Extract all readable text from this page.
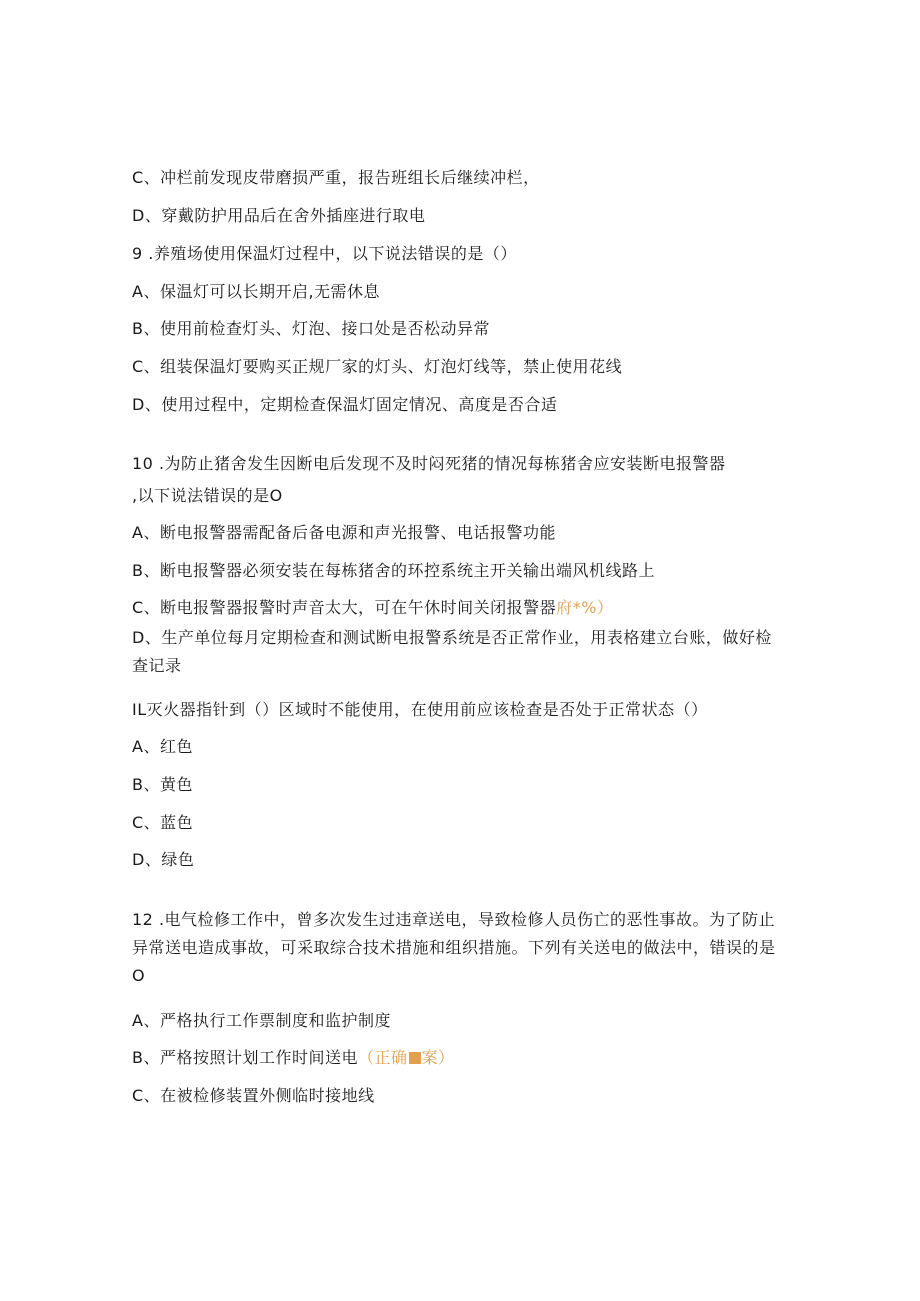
C、冲栏前发现皮带磨损严重，报告班组长后继续冲栏，
D、穿戴防护用品后在舍外插座进行取电
9 .养殖场使用保温灯过程中，以下说法错误的是（）
A、保温灯可以长期开启,无需休息
B、使用前检查灯头、灯泡、接口处是否松动异常
C、组装保温灯要购买正规厂家的灯头、灯泡灯线等，禁止使用花线
D、使用过程中，定期检查保温灯固定情况、高度是否合适
10 .为防止猪舍发生因断电后发现不及时闷死猪的情况每栋猪舍应安装断电报警器
,以下说法错误的是O
A、断电报警器需配备后备电源和声光报警、电话报警功能
B、断电报警器必须安装在每栋猪舍的环控系统主开关输出端风机线路上
C、断电报警器报警时声音太大，可在午休时间关闭报警器府*%）
D、生产单位每月定期检查和测试断电报警系统是否正常作业，用表格建立台账，做好检查记录
IL灭火器指针到（）区域时不能使用，在使用前应该检查是否处于正常状态（）
A、红色
B、黄色
C、蓝色
D、绿色
12 .电气检修工作中，曾多次发生过违章送电，导致检修人员伤亡的恶性事故。为了防止异常送电造成事故，可采取综合技术措施和组织措施。下列有关送电的做法中，错误的是O
A、严格执行工作票制度和监护制度
B、严格按照计划工作时间送电（正确 案）
C、在被检修装置外侧临时接地线
